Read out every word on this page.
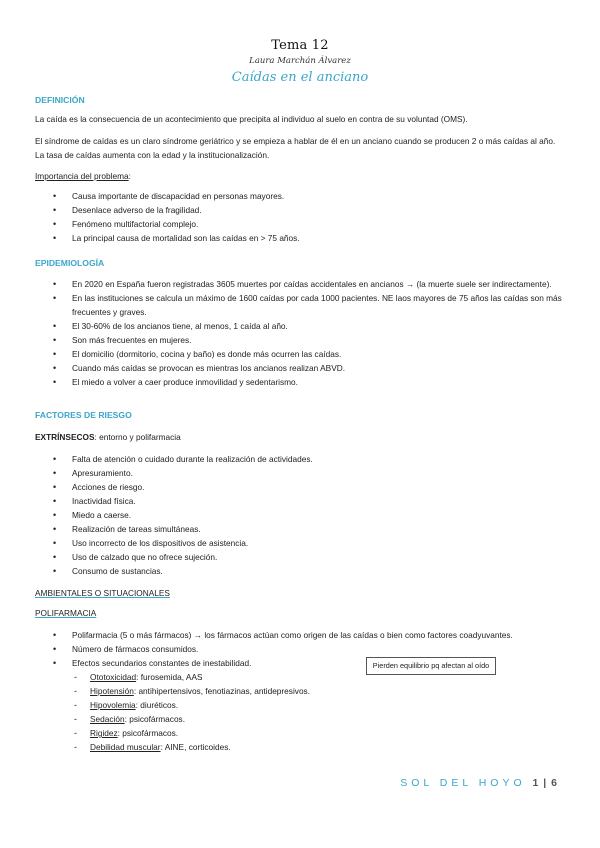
Tema 12
Laura Marchán Álvarez
Caídas en el anciano
DEFINICIÓN
La caída es la consecuencia de un acontecimiento que precipita al individuo al suelo en contra de su voluntad (OMS).
El síndrome de caídas es un claro síndrome geriátrico y se empieza a hablar de él en un anciano cuando se producen 2 o más caídas al año. La tasa de caídas aumenta con la edad y la institucionalización.
Importancia del problema:
• Causa importante de discapacidad en personas mayores.
• Desenlace adverso de la fragilidad.
• Fenómeno multifactorial complejo.
• La principal causa de mortalidad son las caídas en > 75 años.
EPIDEMIOLOGÍA
• En 2020 en España fueron registradas 3605 muertes por caídas accidentales en ancianos → (la muerte suele ser indirectamente).
• En las instituciones se calcula un máximo de 1600 caídas por cada 1000 pacientes. NE laos mayores de 75 años las caídas son más frecuentes y graves.
• El 30-60% de los ancianos tiene, al menos, 1 caída al año.
• Son más frecuentes en mujeres.
• El domicilio (dormitorio, cocina y baño) es donde más ocurren las caídas.
• Cuando más caídas se provocan es mientras los ancianos realizan ABVD.
• El miedo a volver a caer produce inmovilidad y sedentarismo.
FACTORES DE RIESGO
EXTRÍNSECOS: entorno y polifarmacia
• Falta de atención o cuidado durante la realización de actividades.
• Apresuramiento.
• Acciones de riesgo.
• Inactividad física.
• Miedo a caerse.
• Realización de tareas simultáneas.
• Uso incorrecto de los dispositivos de asistencia.
• Uso de calzado que no ofrece sujeción.
• Consumo de sustancias.
AMBIENTALES O SITUACIONALES
POLIFARMACIA
• Polifarmacia (5 o más fármacos) → los fármacos actúan como origen de las caídas o bien como factores coadyuvantes.
• Número de fármacos consumidos.
• Efectos secundarios constantes de inestabilidad.
- Ototoxicidad: furosemida, AAS
- Hipotensión: antihipertensivos, fenotiazinas, antidepresivos.
- Hipovolemia: diuréticos.
- Sedación: psicofármacos.
- Rigidez: psicofármacos.
- Debilidad muscular: AINE, corticoides.
Pierden equilibrio pq afectan al oído
SOL DEL HOYO 1 | 6
